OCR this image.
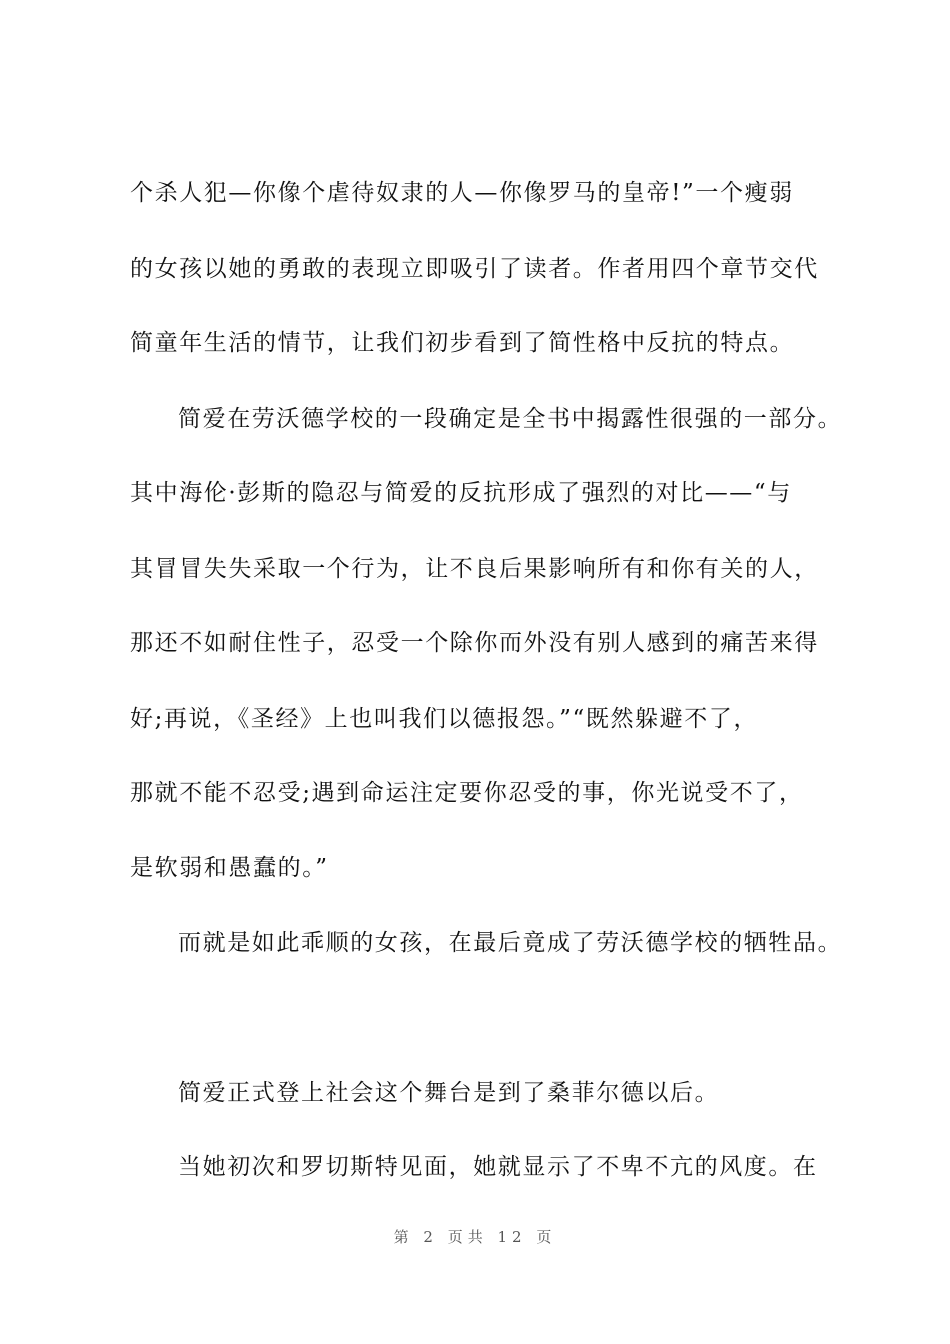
个杀人犯—你像个虐待奴隶的人—你像罗马的皇帝!”一个瘦弱
的女孩以她的勇敢的表现立即吸引了读者。作者用四个章节交代
简童年生活的情节，让我们初步看到了简性格中反抗的特点。
简爱在劳沃德学校的一段确定是全书中揭露性很强的一部分。
其中海伦·彭斯的隐忍与简爱的反抗形成了强烈的对比——“与
其冒冒失失采取一个行为，让不良后果影响所有和你有关的人，
那还不如耐住性子，忍受一个除你而外没有别人感到的痛苦来得
好;再说，《圣经》上也叫我们以德报怨。”“既然躲避不了，
那就不能不忍受;遇到命运注定要你忍受的事，你光说受不了，
是软弱和愚蠢的。”
而就是如此乖顺的女孩，在最后竟成了劳沃德学校的牺牲品。
简爱正式登上社会这个舞台是到了桑菲尔德以后。
当她初次和罗切斯特见面，她就显示了不卑不亢的风度。在
第 2 页共 12 页
